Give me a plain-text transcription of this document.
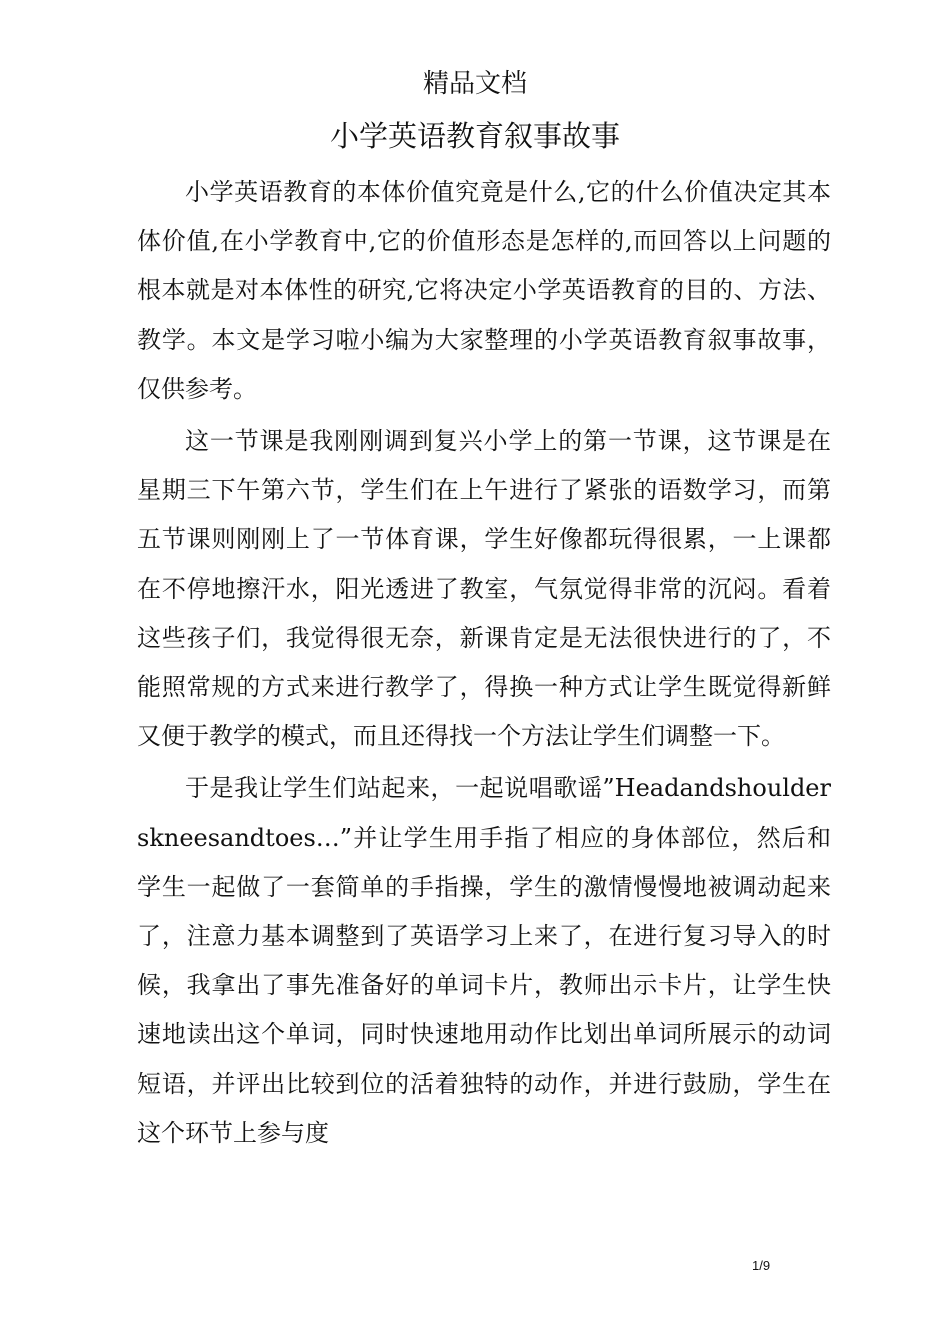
精品文档
小学英语教育叙事故事

小学英语教育的本体价值究竟是什么,它的什么价值决定其本体价值,在小学教育中,它的价值形态是怎样的,而回答以上问题的根本就是对本体性的研究,它将决定小学英语教育的目的、方法、教学。本文是学习啦小编为大家整理的小学英语教育叙事故事，仅供参考。

这一节课是我刚刚调到复兴小学上的第一节课，这节课是在星期三下午第六节，学生们在上午进行了紧张的语数学习，而第五节课则刚刚上了一节体育课，学生好像都玩得很累，一上课都在不停地擦汗水，阳光透进了教室，气氛觉得非常的沉闷。看着这些孩子们，我觉得很无奈，新课肯定是无法很快进行的了，不能照常规的方式来进行教学了，得换一种方式让学生既觉得新鲜又便于教学的模式，而且还得找一个方法让学生们调整一下。

于是我让学生们站起来，一起说唱歌谣”Headandshoulderskneesandtoes…”并让学生用手指了相应的身体部位，然后和学生一起做了一套简单的手指操，学生的激情慢慢地被调动起来了，注意力基本调整到了英语学习上来了，在进行复习导入的时候，我拿出了事先准备好的单词卡片，教师出示卡片，让学生快速地读出这个单词，同时快速地用动作比划出单词所展示的动词短语，并评出比较到位的活着独特的动作，并进行鼓励，学生在这个环节上参与度

1/9
